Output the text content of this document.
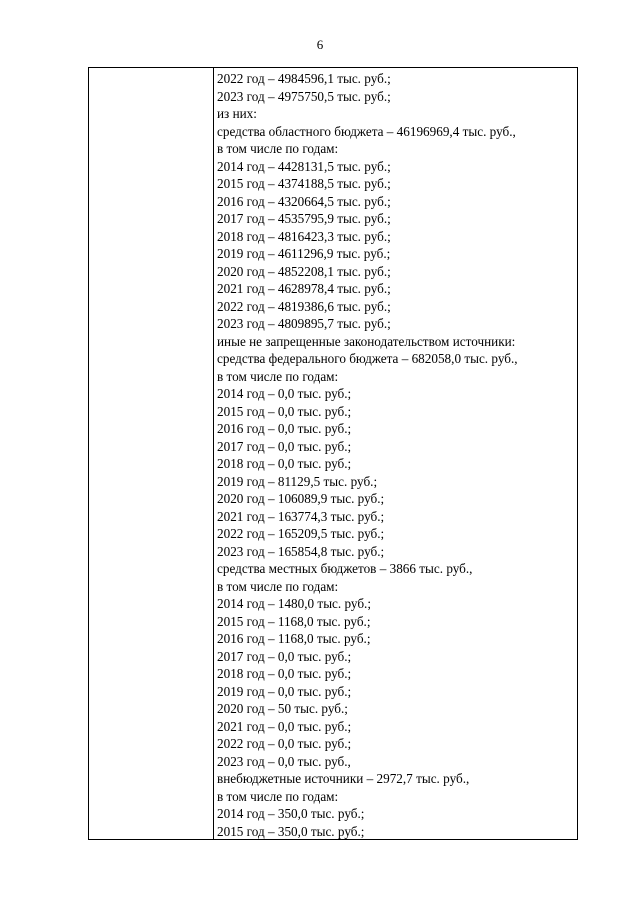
6
2022 год – 4984596,1 тыс. руб.;
2023 год – 4975750,5 тыс. руб.;
из них:
средства областного бюджета – 46196969,4 тыс. руб.,
в том числе по годам:
2014 год – 4428131,5 тыс. руб.;
2015 год – 4374188,5 тыс. руб.;
2016 год – 4320664,5 тыс. руб.;
2017 год – 4535795,9 тыс. руб.;
2018 год – 4816423,3 тыс. руб.;
2019 год – 4611296,9 тыс. руб.;
2020 год – 4852208,1 тыс. руб.;
2021 год – 4628978,4 тыс. руб.;
2022 год – 4819386,6 тыс. руб.;
2023 год – 4809895,7 тыс. руб.;
иные не запрещенные законодательством источники:
средства федерального бюджета – 682058,0 тыс. руб.,
в том числе по годам:
2014 год – 0,0 тыс. руб.;
2015 год – 0,0 тыс. руб.;
2016 год – 0,0 тыс. руб.;
2017 год – 0,0 тыс. руб.;
2018 год – 0,0 тыс. руб.;
2019 год – 81129,5 тыс. руб.;
2020 год – 106089,9 тыс. руб.;
2021 год – 163774,3 тыс. руб.;
2022 год – 165209,5 тыс. руб.;
2023 год – 165854,8 тыс. руб.;
средства местных бюджетов – 3866 тыс. руб.,
в том числе по годам:
2014 год – 1480,0 тыс. руб.;
2015 год – 1168,0 тыс. руб.;
2016 год – 1168,0 тыс. руб.;
2017 год – 0,0 тыс. руб.;
2018 год – 0,0 тыс. руб.;
2019 год – 0,0 тыс. руб.;
2020 год – 50 тыс. руб.;
2021 год – 0,0 тыс. руб.;
2022 год – 0,0 тыс. руб.;
2023 год – 0,0 тыс. руб.,
внебюджетные источники – 2972,7 тыс. руб.,
в том числе по годам:
2014 год – 350,0 тыс. руб.;
2015 год – 350,0 тыс. руб.;
